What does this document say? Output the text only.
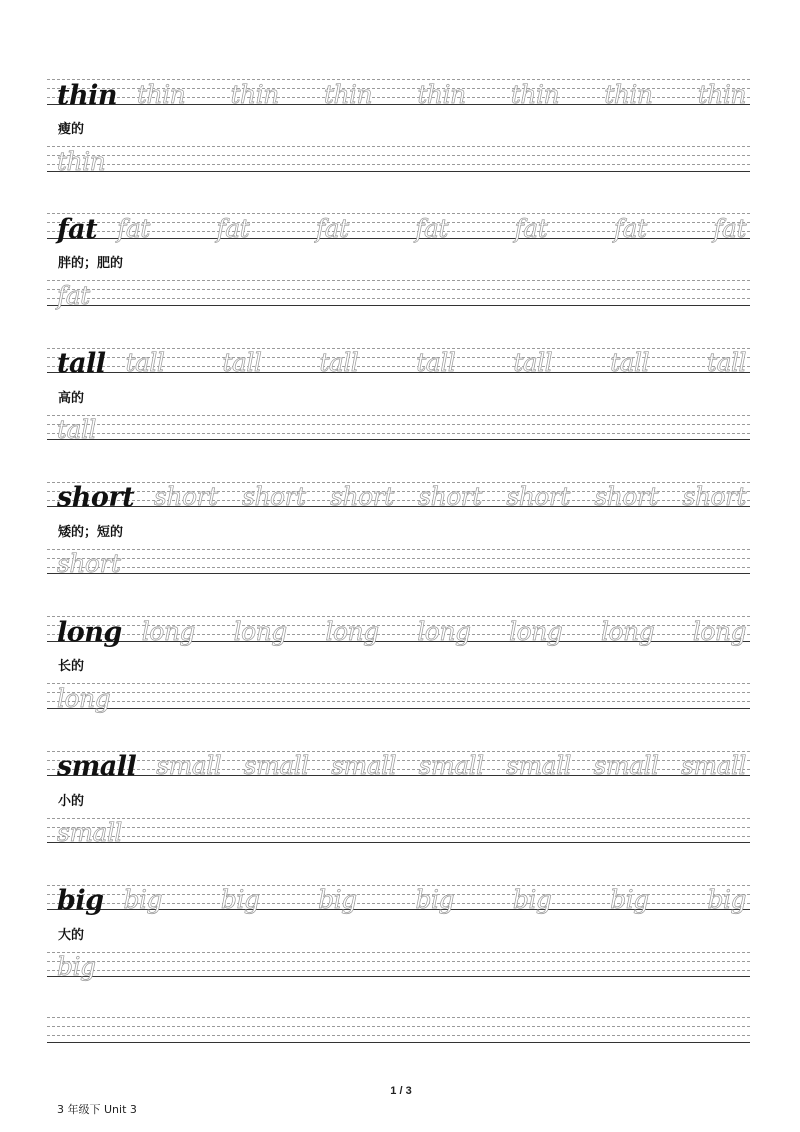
thin thin thin thin thin thin thin thin
瘦的
thin
fat fat	fat	fat	fat	fat	fat	fat
胖的；肥的
fat
tall tall tall tall tall tall tall tall
高的
tall
short short short short short short short short
矮的；短的
short
long long long long long long long long
长的
long
small small small small small small small small
小的
small
big big big big big big big big
大的
big
1 / 3
3 年级下 Unit 3
